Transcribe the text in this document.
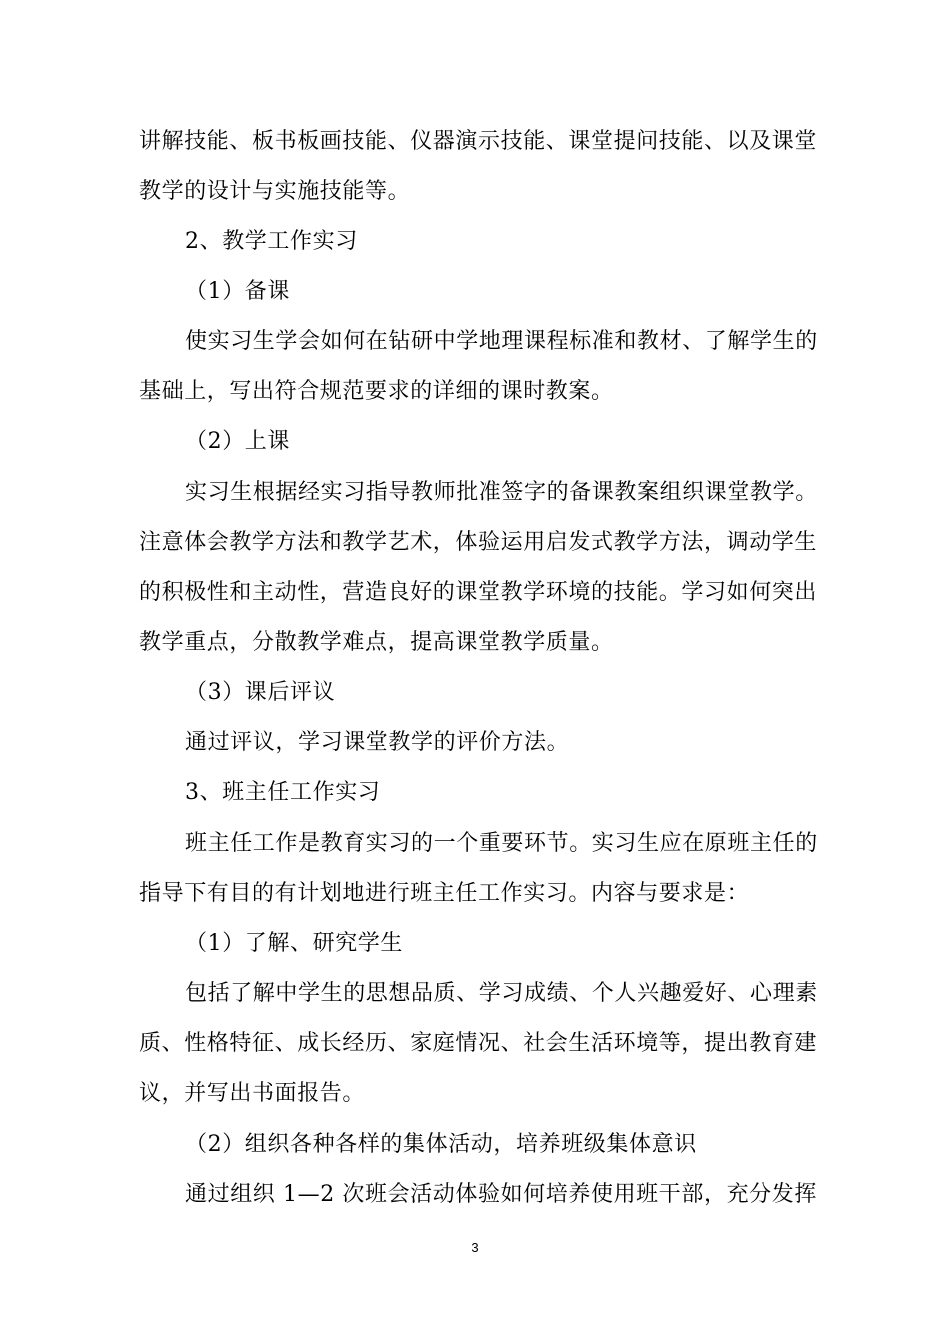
讲解技能、板书板画技能、仪器演示技能、课堂提问技能、以及课堂
教学的设计与实施技能等。
2、教学工作实习
（1）备课
使实习生学会如何在钻研中学地理课程标准和教材、了解学生的
基础上，写出符合规范要求的详细的课时教案。
（2）上课
实习生根据经实习指导教师批准签字的备课教案组织课堂教学。
注意体会教学方法和教学艺术，体验运用启发式教学方法，调动学生
的积极性和主动性，营造良好的课堂教学环境的技能。学习如何突出
教学重点，分散教学难点，提高课堂教学质量。
（3）课后评议
通过评议，学习课堂教学的评价方法。
3、班主任工作实习
班主任工作是教育实习的一个重要环节。实习生应在原班主任的
指导下有目的有计划地进行班主任工作实习。内容与要求是：
（1）了解、研究学生
包括了解中学生的思想品质、学习成绩、个人兴趣爱好、心理素
质、性格特征、成长经历、家庭情况、社会生活环境等，提出教育建
议，并写出书面报告。
（2）组织各种各样的集体活动，培养班级集体意识
通过组织 1—2 次班会活动体验如何培养使用班干部，充分发挥
3
